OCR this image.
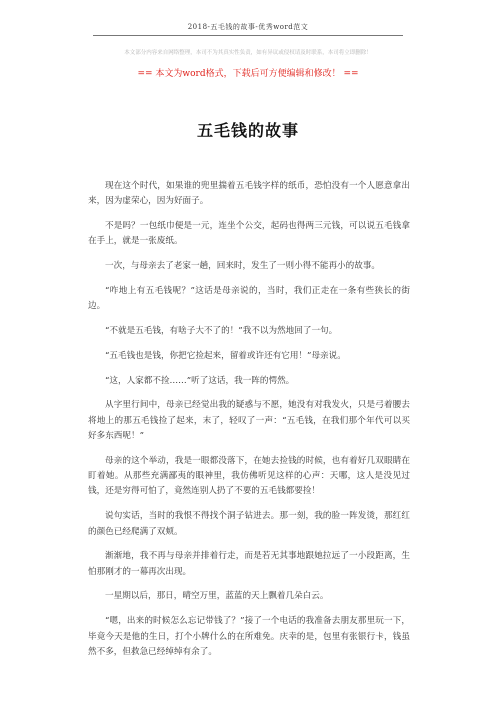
2018-五毛钱的故事-优秀word范文
本文部分内容来自网络整理，本司不为其真实性负责，如有异议或侵权请及时联系，本司将立即删除！
== 本文为word格式，下载后可方便编辑和修改！ ==
五毛钱的故事

现在这个时代，如果谁的兜里揣着五毛钱字样的纸币，恐怕没有一个人愿意拿出来，因为虚荣心，因为好面子。

不是吗？一包纸巾便是一元，连坐个公交，起码也得两三元钱，可以说五毛钱拿在手上，就是一张废纸。

一次，与母亲去了老家一趟，回来时，发生了一则小得不能再小的故事。

“咋地上有五毛钱呢？”这话是母亲说的，当时，我们正走在一条有些狭长的街边。

“不就是五毛钱，有啥子大不了的！”我不以为然地回了一句。

“五毛钱也是钱，你把它捡起来，留着或许还有它用！”母亲说。

“这，人家都不捡……”听了这话，我一阵的愕然。

从字里行间中，母亲已经觉出我的疑惑与不愿，她没有对我发火，只是弓着腰去将地上的那五毛钱捡了起来，末了，轻叹了一声：“五毛钱，在我们那个年代可以买好多东西呢！”

母亲的这个举动，我是一眼都没落下，在她去捡钱的时候，也有着好几双眼睛在盯着她。从那些充满鄙夷的眼神里，我仿佛听见这样的心声：天哪，这人是没见过钱，还是穷得可怕了，竟然连别人扔了不要的五毛钱都要捡！

说句实话，当时的我恨不得找个洞子钻进去。那一刻，我的脸一阵发烫，那红红的颜色已经爬满了双颊。

渐渐地，我不再与母亲并排着行走，而是若无其事地跟她拉远了一小段距离，生怕那刚才的一幕再次出现。

一星期以后，那日，晴空万里，蓝蓝的天上飘着几朵白云。

“嗯，出来的时候怎么忘记带钱了？”接了一个电话的我准备去朋友那里玩一下，毕竟今天是他的生日，打个小牌什么的在所难免。庆幸的是，包里有张银行卡，钱虽然不多，但救急已经绰绰有余了。
